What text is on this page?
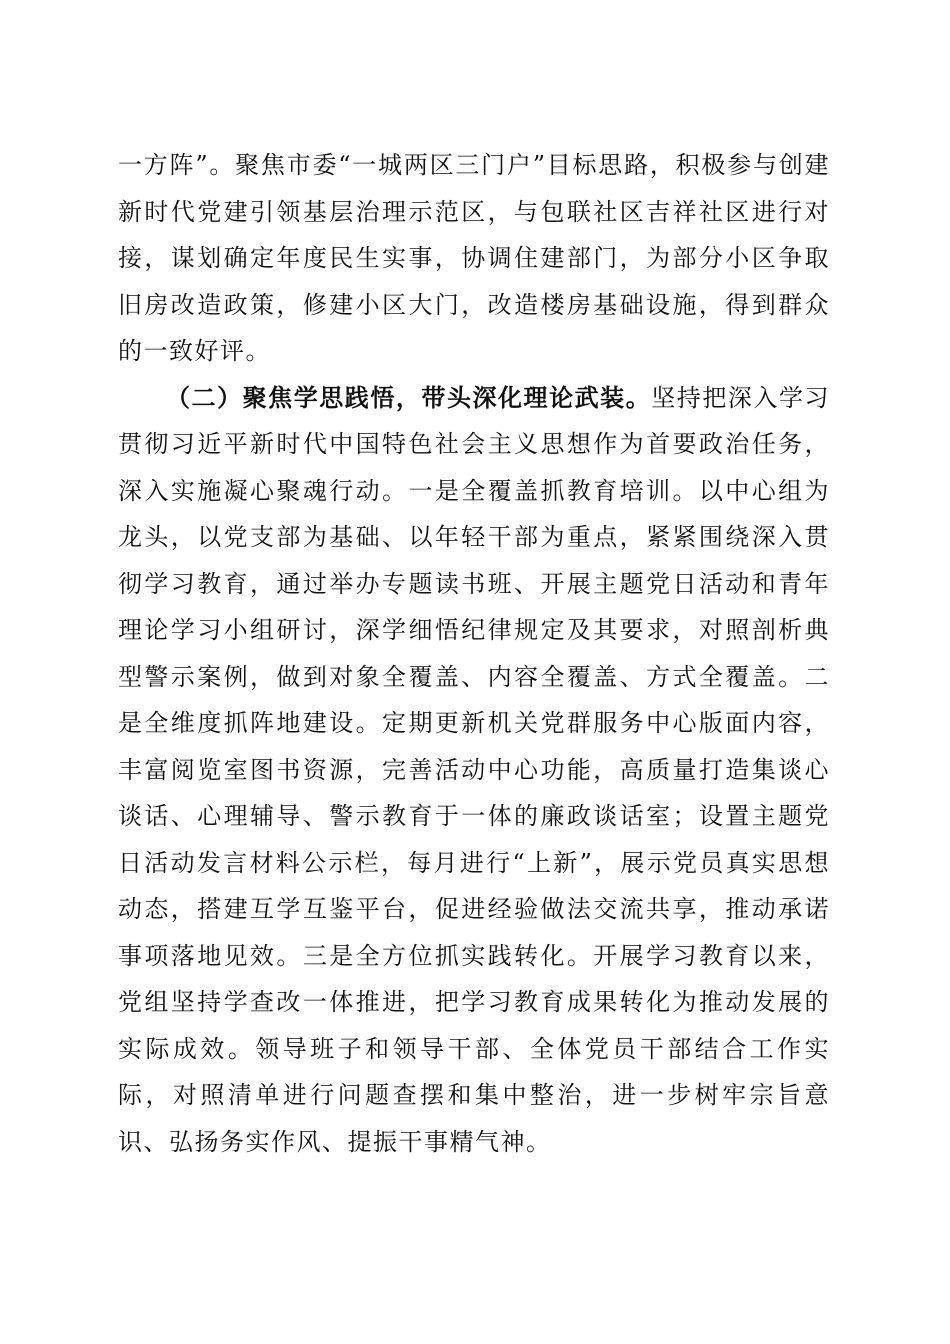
一方阵”。聚焦市委“一城两区三门户”目标思路，积极参与创建新时代党建引领基层治理示范区，与包联社区吉祥社区进行对接，谋划确定年度民生实事，协调住建部门，为部分小区争取旧房改造政策，修建小区大门，改造楼房基础设施，得到群众的一致好评。

（二）聚焦学思践悟，带头深化理论武装。坚持把深入学习贯彻习近平新时代中国特色社会主义思想作为首要政治任务，深入实施凝心聚魂行动。一是全覆盖抓教育培训。以中心组为龙头，以党支部为基础、以年轻干部为重点，紧紧围绕深入贯彻学习教育，通过举办专题读书班、开展主题党日活动和青年理论学习小组研讨，深学细悟纪律规定及其要求，对照剖析典型警示案例，做到对象全覆盖、内容全覆盖、方式全覆盖。二是全维度抓阵地建设。定期更新机关党群服务中心版面内容，丰富阅览室图书资源，完善活动中心功能，高质量打造集谈心谈话、心理辅导、警示教育于一体的廉政谈话室；设置主题党日活动发言材料公示栏，每月进行“上新”，展示党员真实思想动态，搭建互学互鉴平台，促进经验做法交流共享，推动承诺事项落地见效。三是全方位抓实践转化。开展学习教育以来，党组坚持学查改一体推进，把学习教育成果转化为推动发展的实际成效。领导班子和领导干部、全体党员干部结合工作实际，对照清单进行问题查摆和集中整治，进一步树牢宗旨意识、弘扬务实作风、提振干事精气神。
